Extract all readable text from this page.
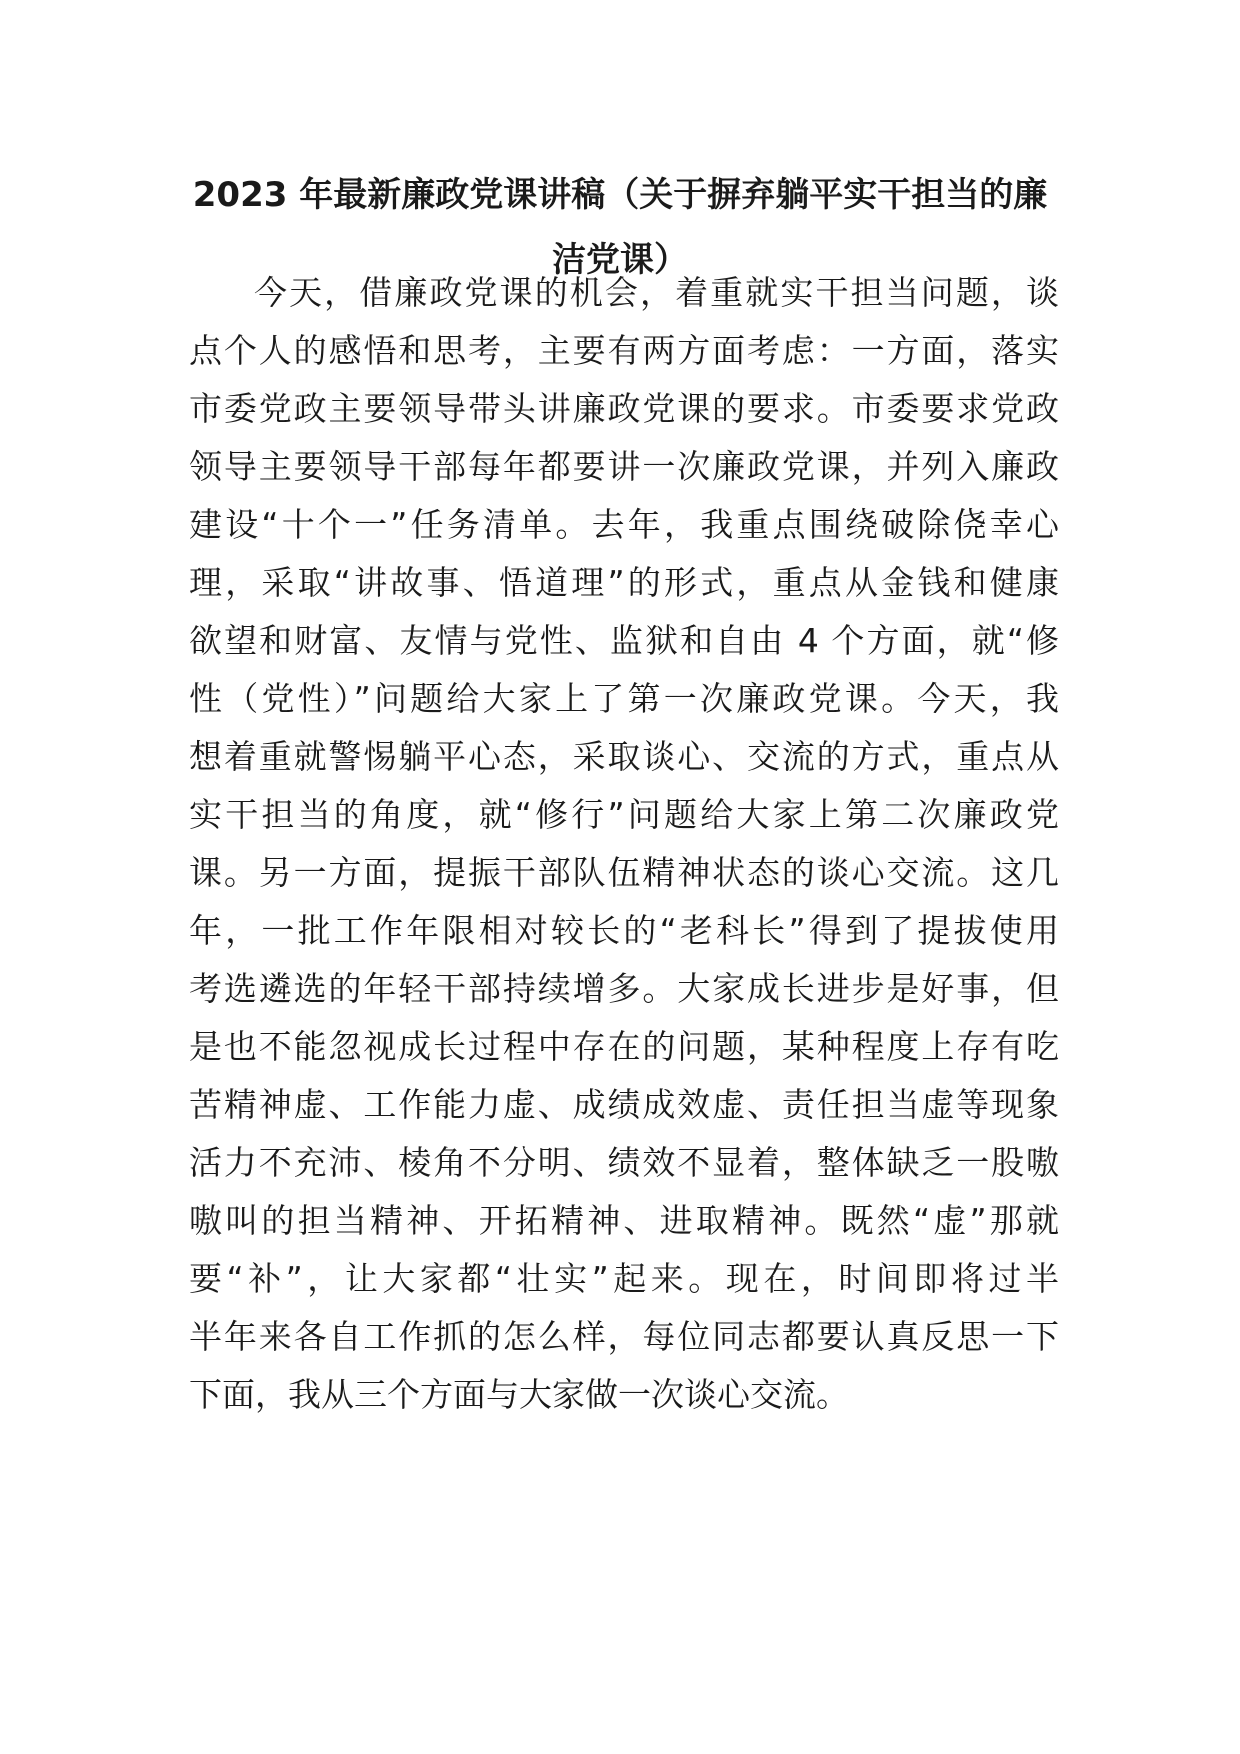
2023 年最新廉政党课讲稿（关于摒弃躺平实干担当的廉
洁党课）
今天，借廉政党课的机会，着重就实干担当问题，谈
点个人的感悟和思考，主要有两方面考虑：一方面，落实
市委党政主要领导带头讲廉政党课的要求。市委要求党政
领导主要领导干部每年都要讲一次廉政党课，并列入廉政
建设“十个一”任务清单。去年，我重点围绕破除侥幸心
理，采取“讲故事、悟道理”的形式，重点从金钱和健康
欲望和财富、友情与党性、监狱和自由 4 个方面，就“修
性（党性）”问题给大家上了第一次廉政党课。今天，我
想着重就警惕躺平心态，采取谈心、交流的方式，重点从
实干担当的角度，就“修行”问题给大家上第二次廉政党
课。另一方面，提振干部队伍精神状态的谈心交流。这几
年，一批工作年限相对较长的“老科长”得到了提拔使用
考选遴选的年轻干部持续增多。大家成长进步是好事，但
是也不能忽视成长过程中存在的问题，某种程度上存有吃
苦精神虚、工作能力虚、成绩成效虚、责任担当虚等现象
活力不充沛、棱角不分明、绩效不显着，整体缺乏一股嗷
嗷叫的担当精神、开拓精神、进取精神。既然“虚”那就
要“补”，让大家都“壮实”起来。现在，时间即将过半
半年来各自工作抓的怎么样，每位同志都要认真反思一下
下面，我从三个方面与大家做一次谈心交流。
